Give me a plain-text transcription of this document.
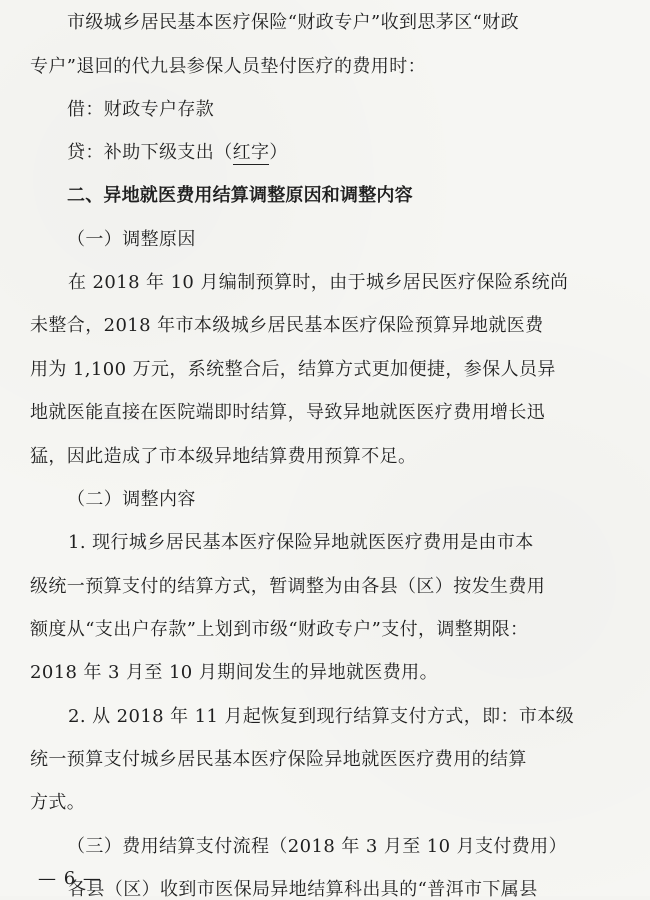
市级城乡居民基本医疗保险“财政专户”收到思茅区“财政
专户”退回的代九县参保人员垫付医疗的费用时：
借：财政专户存款
贷：补助下级支出（红字）
二、异地就医费用结算调整原因和调整内容
（一）调整原因
在 2018 年 10 月编制预算时，由于城乡居民医疗保险系统尚
未整合，2018 年市本级城乡居民基本医疗保险预算异地就医费
用为 1,100 万元，系统整合后，结算方式更加便捷，参保人员异
地就医能直接在医院端即时结算，导致异地就医医疗费用增长迅
猛，因此造成了市本级异地结算费用预算不足。
（二）调整内容
1. 现行城乡居民基本医疗保险异地就医医疗费用是由市本
级统一预算支付的结算方式，暂调整为由各县（区）按发生费用
额度从“支出户存款”上划到市级“财政专户”支付，调整期限：
2018 年 3 月至 10 月期间发生的异地就医费用。
2. 从 2018 年 11 月起恢复到现行结算支付方式，即：市本级
统一预算支付城乡居民基本医疗保险异地就医医疗费用的结算
方式。
（三）费用结算支付流程（2018 年 3 月至 10 月支付费用）
各县（区）收到市医保局异地结算科出具的“普洱市下属县
— 6 —
